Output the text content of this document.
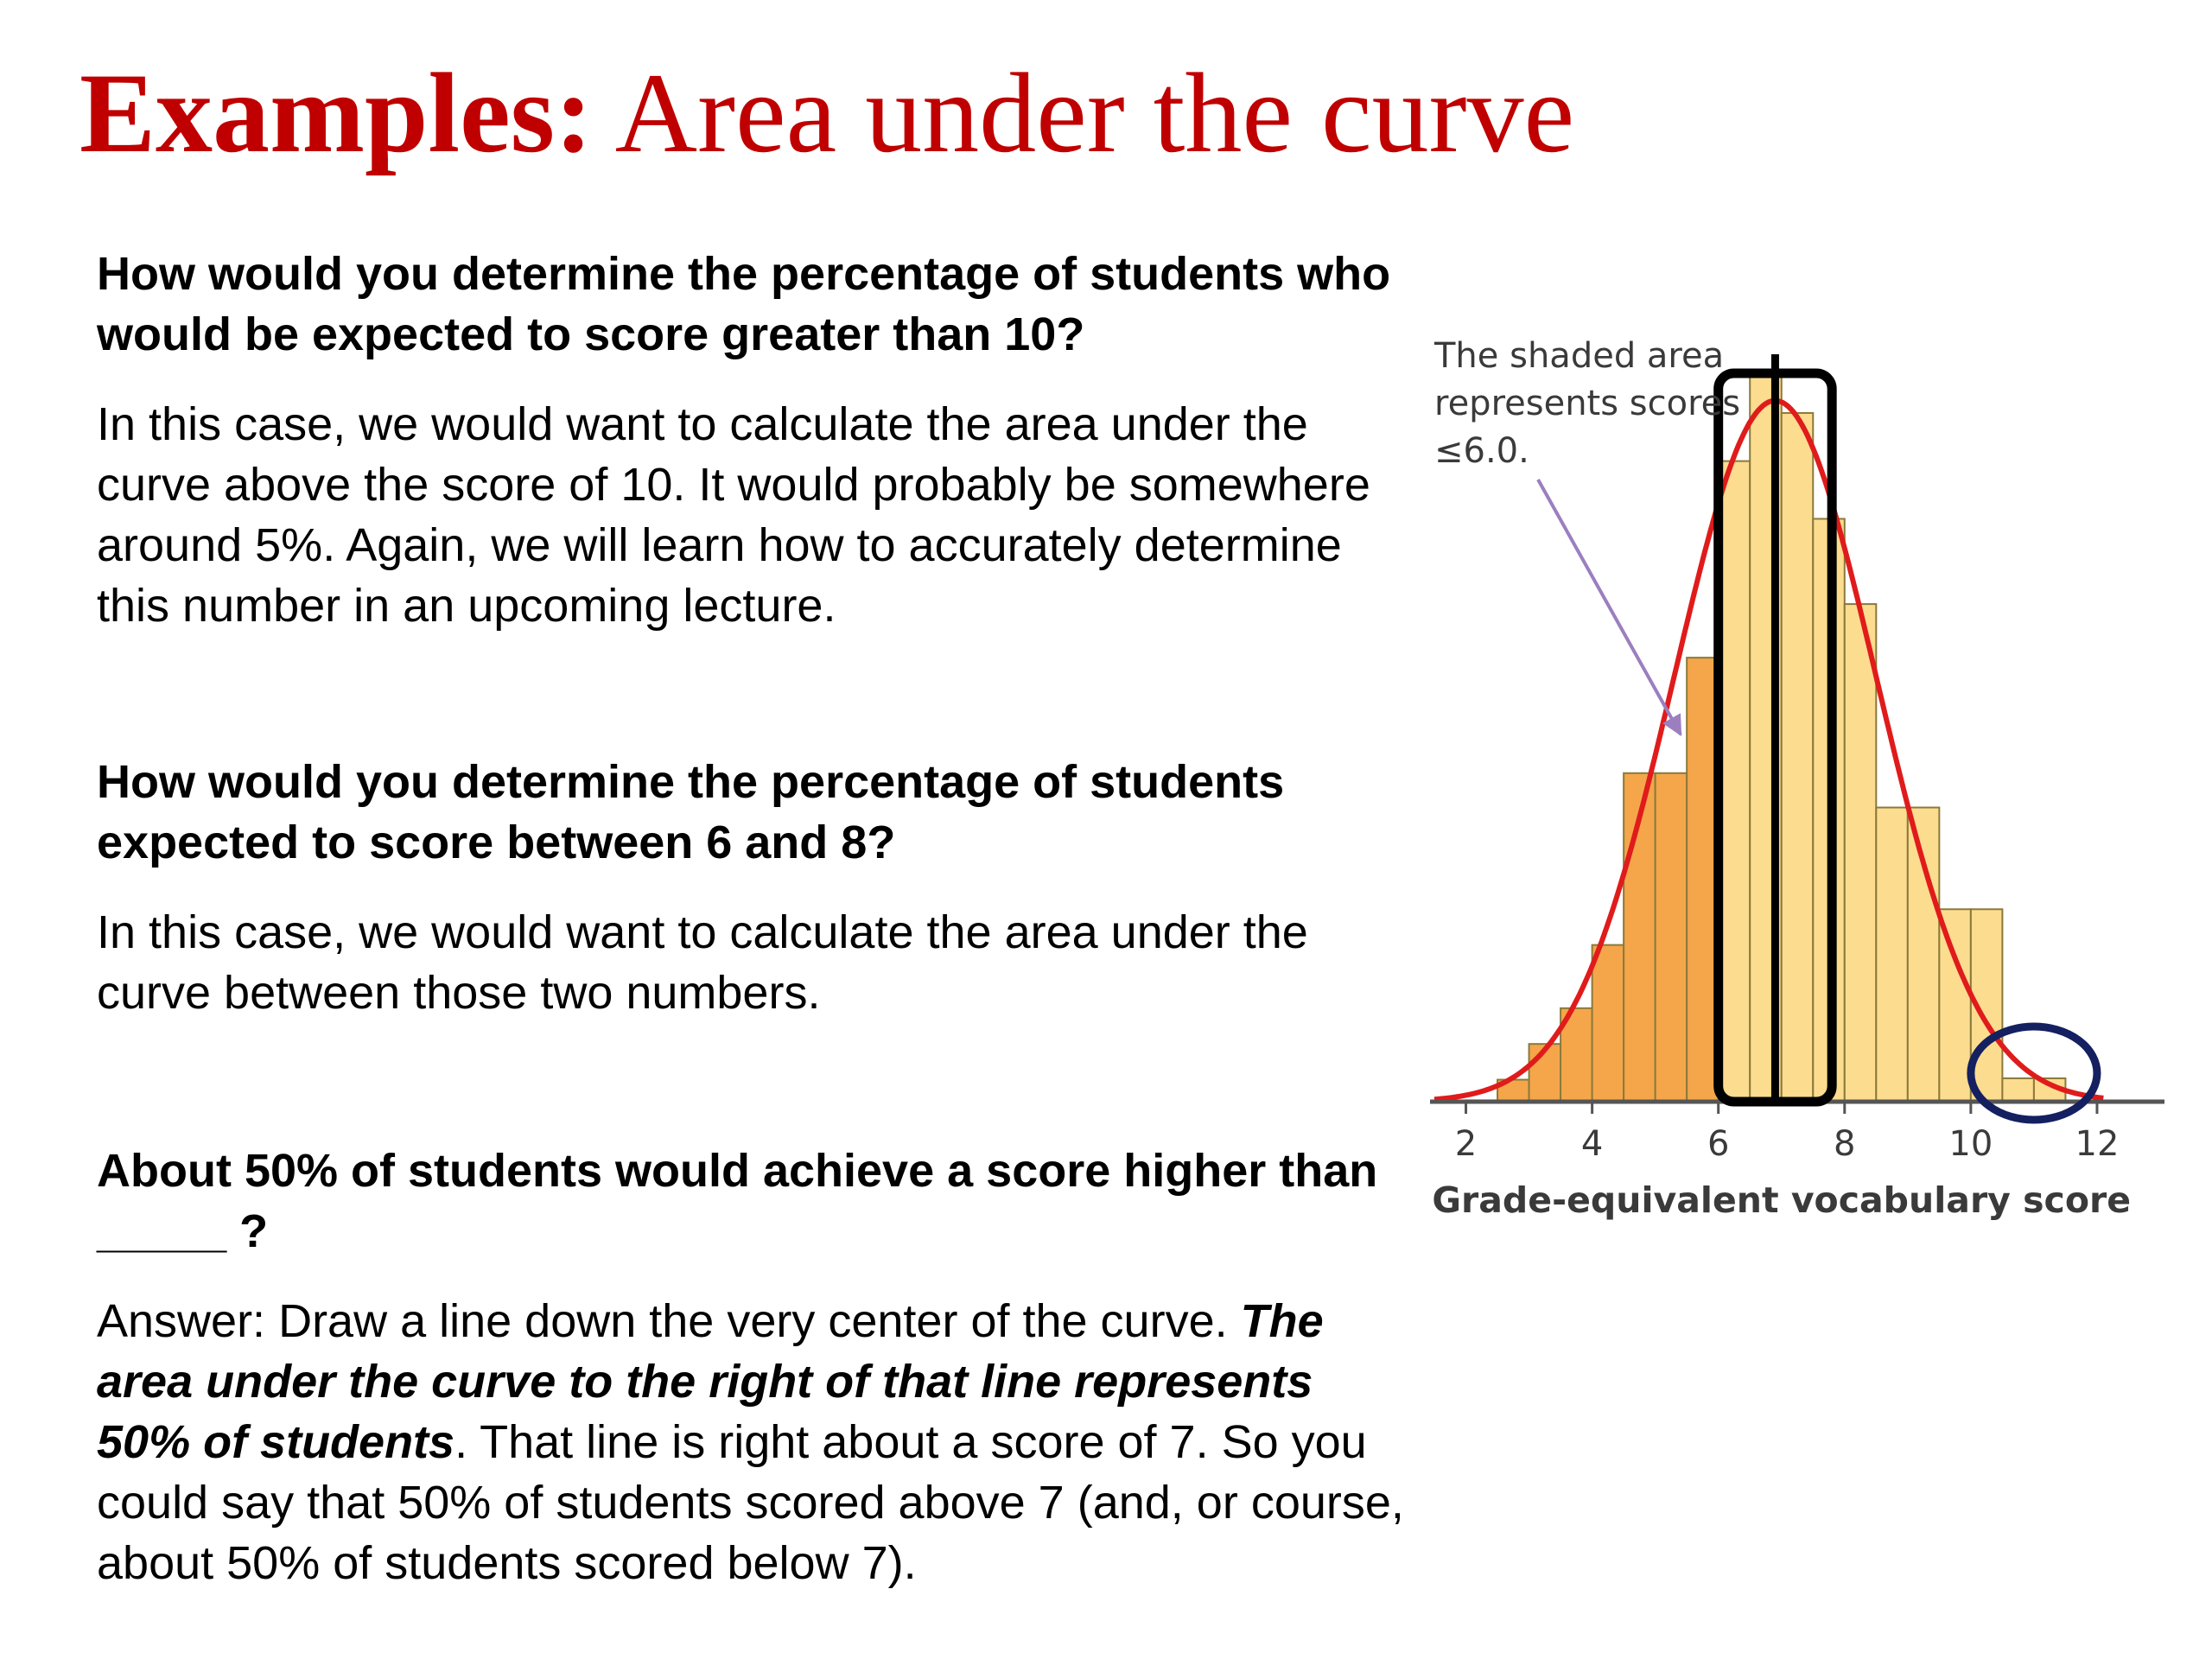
Examples: Area under the curve

How would you determine the percentage of students who would be expected to score greater than 10?

In this case, we would want to calculate the area under the curve above the score of 10. It would probably be somewhere around 5%. Again, we will learn how to accurately determine this number in an upcoming lecture.

How would you determine the percentage of students expected to score between 6 and 8?

In this case, we would want to calculate the area under the curve between those two numbers.

About 50% of students would achieve a score higher than _____ ?

Answer: Draw a line down the very center of the curve. The area under the curve to the right of that line represents 50% of students. That line is right about a score of 7. So you could say that 50% of students scored above 7 (and, or course, about 50% of students scored below 7).

2	4	6	8	10 12
The shaded area
represents scores
≤6.0.
Grade-equivalent vocabulary score
